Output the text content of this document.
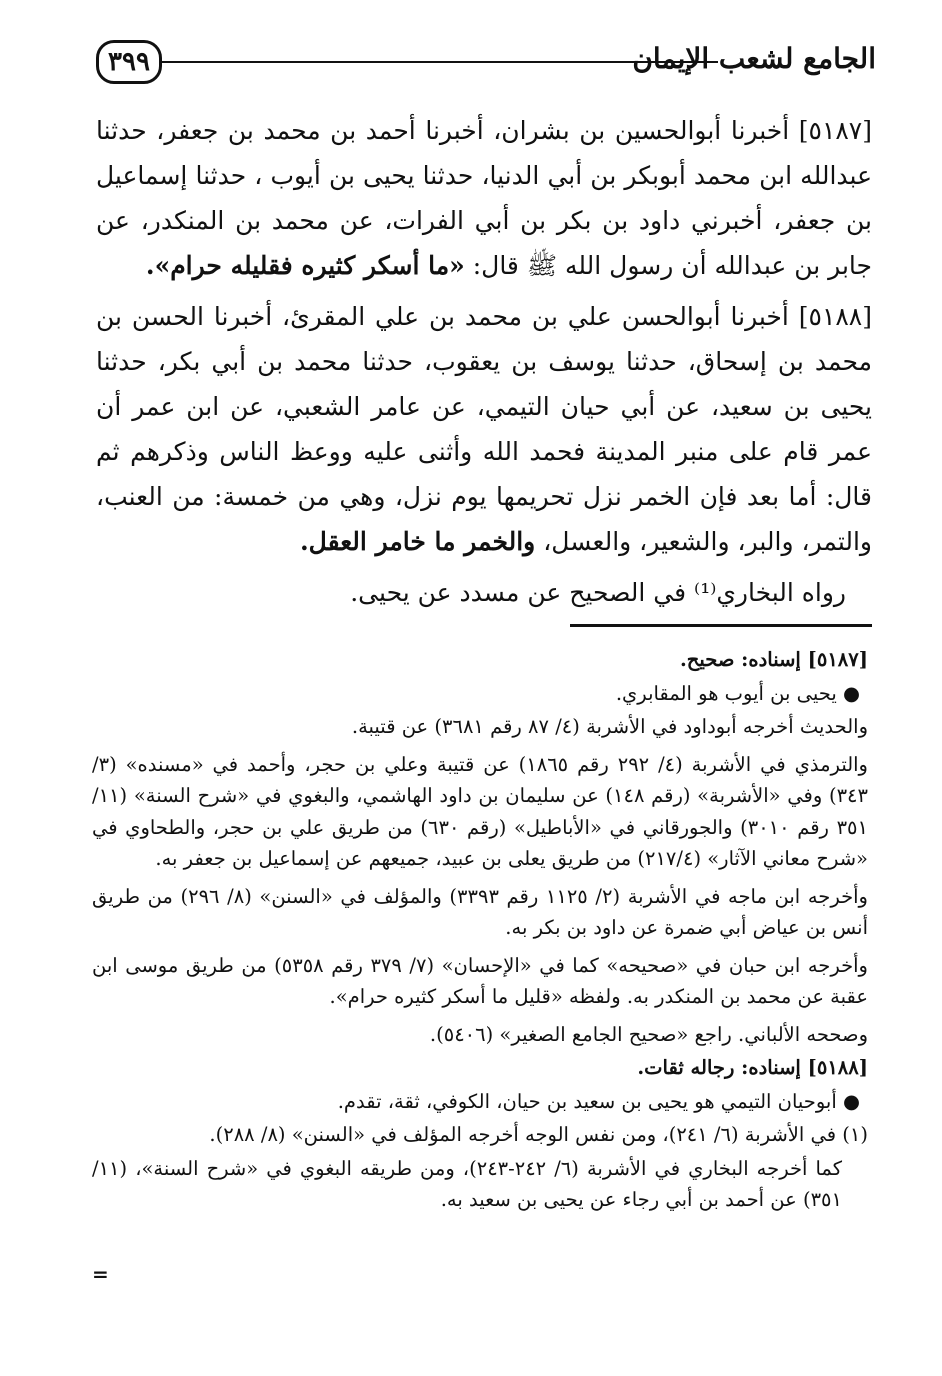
٣٩٩	الجامع لشعب الإيمان

[٥١٨٧] أخبرنا أبوالحسين بن بشران، أخبرنا أحمد بن محمد بن جعفر، حدثنا عبدالله ابن محمد أبوبكر بن أبي الدنيا، حدثنا يحيى بن أيوب ، حدثنا إسماعيل بن جعفر، أخبرني داود بن بكر بن أبي الفرات، عن محمد بن المنكدر، عن جابر بن عبدالله أن رسول الله ﷺ قال: «ما أسكر كثيره فقليله حرام».

[٥١٨٨] أخبرنا أبوالحسن علي بن محمد بن علي المقرئ، أخبرنا الحسن بن محمد بن إسحاق، حدثنا يوسف بن يعقوب، حدثنا محمد بن أبي بكر، حدثنا يحيى بن سعيد، عن أبي حيان التيمي، عن عامر الشعبي، عن ابن عمر أن عمر قام على منبر المدينة فحمد الله وأثنى عليه ووعظ الناس وذكرهم ثم قال: أما بعد فإن الخمر نزل تحريمها يوم نزل، وهي من خمسة: من العنب، والتمر، والبر، والشعير، والعسل، والخمر ما خامر العقل.

رواه البخاري⁽¹⁾ في الصحيح عن مسدد عن يحيى.

[٥١٨٧] إسناده: صحيح.

● يحيى بن أيوب هو المقابري.

والحديث أخرجه أبوداود في الأشربة (٤/ ٨٧ رقم ٣٦٨١) عن قتيبة.

والترمذي في الأشربة (٤/ ٢٩٢ رقم ١٨٦٥) عن قتيبة وعلي بن حجر، وأحمد في «مسنده» (٣/ ٣٤٣) وفي «الأشربة» (رقم ١٤٨) عن سليمان بن داود الهاشمي، والبغوي في «شرح السنة» (١١/ ٣٥١ رقم ٣٠١٠) والجورقاني في «الأباطيل» (رقم ٦٣٠) من طريق علي بن حجر، والطحاوي في «شرح معاني الآثار» (٢١٧/٤) من طريق يعلى بن عبيد، جميعهم عن إسماعيل بن جعفر به.

وأخرجه ابن ماجه في الأشربة (٢/ ١١٢٥ رقم ٣٣٩٣) والمؤلف في «السنن» (٨/ ٢٩٦) من طريق أنس بن عياض أبي ضمرة عن داود بن بكر به.

وأخرجه ابن حبان في «صحيحه» كما في «الإحسان» (٧/ ٣٧٩ رقم ٥٣٥٨) من طريق موسى ابن عقبة عن محمد بن المنكدر به. ولفظه «قليل ما أسكر كثيره حرام».

وصححه الألباني. راجع «صحيح الجامع الصغير» (٥٤٠٦).

[٥١٨٨] إسناده: رجاله ثقات.

● أبوحيان التيمي هو يحيى بن سعيد بن حيان، الكوفي، ثقة، تقدم.

(١) في الأشربة (٦/ ٢٤١)، ومن نفس الوجه أخرجه المؤلف في «السنن» (٨/ ٢٨٨).

كما أخرجه البخاري في الأشربة (٦/ ٢٤٢-٢٤٣)، ومن طريقه البغوي في «شرح السنة»، (١١/ ٣٥١) عن أحمد بن أبي رجاء عن يحيى بن سعيد به.

=
